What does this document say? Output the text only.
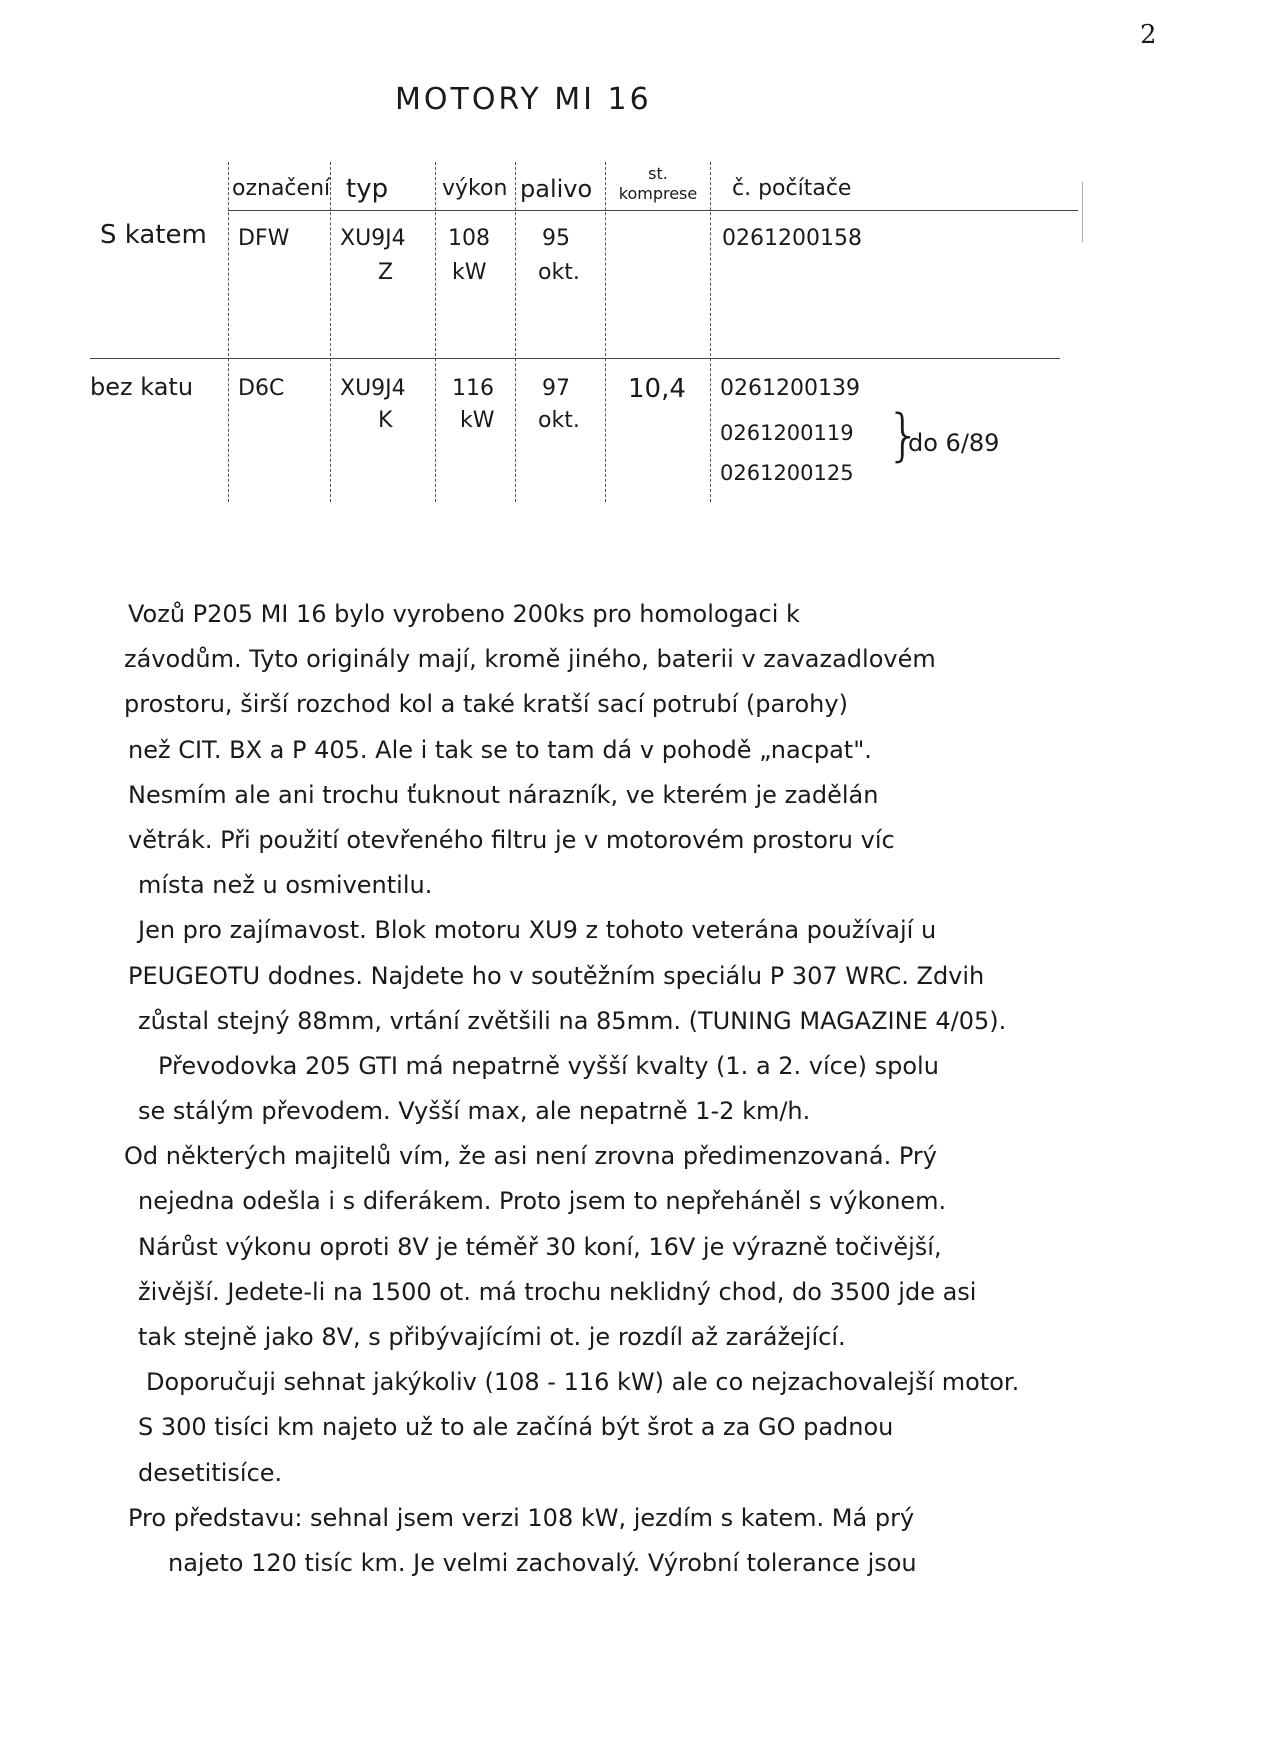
2
MOTORY MI 16
označení typ výkon palivo
st.
komprese	č. počítače
S katem DFW XU9J4
Z
108
kW
95
okt.
0261200158
bez katu D6C	XU9J4
K
116
kW
97
okt.
10,4 0261200139
0261200119
0261200125
}
do 6/89
Vozů P205 MI 16 bylo vyrobeno 200ks pro homologaci k
závodům. Tyto originály mají, kromě jiného, baterii v zavazadlovém
prostoru, širší rozchod kol a také kratší sací potrubí (parohy)
než CIT. BX a P 405. Ale i tak se to tam dá v pohodě „nacpat".
Nesmím ale ani trochu ťuknout nárazník, ve kterém je zadělán
větrák. Při použití otevřeného filtru je v motorovém prostoru víc
místa než u osmiventilu.
Jen pro zajímavost. Blok motoru XU9 z tohoto veterána používají u
PEUGEOTU dodnes. Najdete ho v soutěžním speciálu P 307 WRC. Zdvih
zůstal stejný 88mm, vrtání zvětšili na 85mm. (TUNING MAGAZINE 4/05).
Převodovka 205 GTI má nepatrně vyšší kvalty (1. a 2. více) spolu
se stálým převodem. Vyšší max, ale nepatrně 1-2 km/h.
Od některých majitelů vím, že asi není zrovna předimenzovaná. Prý
nejedna odešla i s diferákem. Proto jsem to nepřeháněl s výkonem.
Nárůst výkonu oproti 8V je téměř 30 koní, 16V je výrazně točivější,
živější. Jedete-li na 1500 ot. má trochu neklidný chod, do 3500 jde asi
tak stejně jako 8V, s přibývajícími ot. je rozdíl až zarážející.
Doporučuji sehnat jakýkoliv (108 - 116 kW) ale co nejzachovalejší motor.
S 300 tisíci km najeto už to ale začíná být šrot a za GO padnou
desetitisíce.
Pro představu: sehnal jsem verzi 108 kW, jezdím s katem. Má prý
najeto 120 tisíc km. Je velmi zachovalý. Výrobní tolerance jsou
